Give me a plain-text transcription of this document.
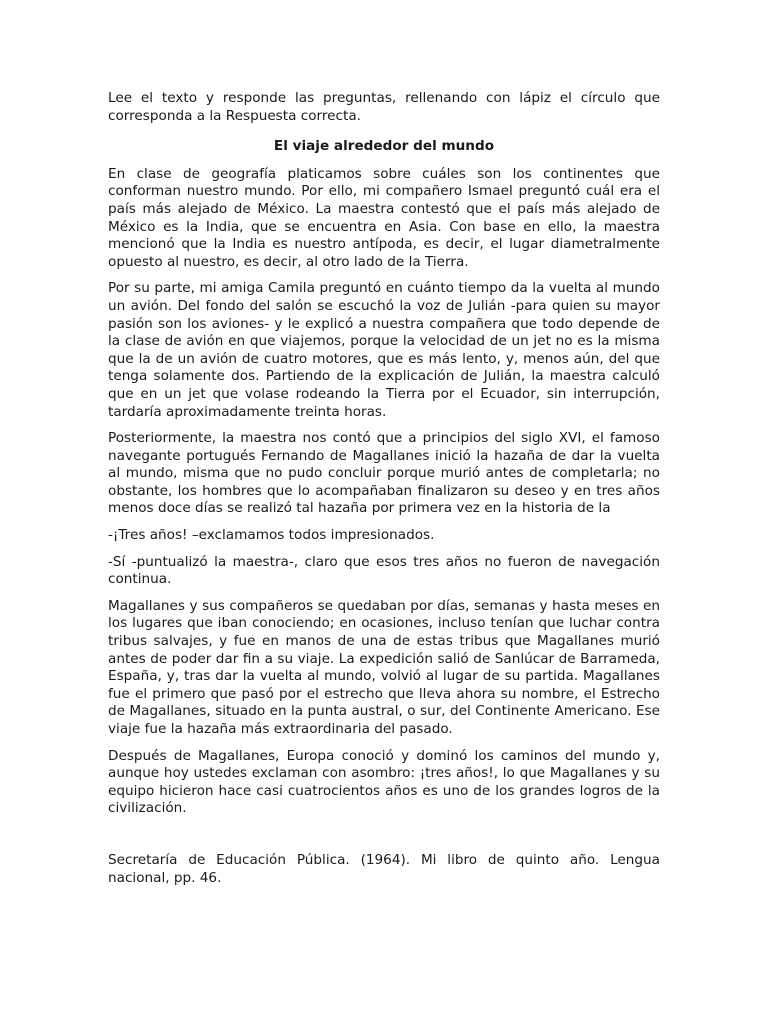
Lee el texto y responde las preguntas, rellenando con lápiz el círculo que corresponda a la Respuesta correcta.

El viaje alrededor del mundo

En clase de geografía platicamos sobre cuáles son los continentes que conforman nuestro mundo. Por ello, mi compañero Ismael preguntó cuál era el país más alejado de México. La maestra contestó que el país más alejado de México es la India, que se encuentra en Asia. Con base en ello, la maestra mencionó que la India es nuestro antípoda, es decir, el lugar diametralmente opuesto al nuestro, es decir, al otro lado de la Tierra.

Por su parte, mi amiga Camila preguntó en cuánto tiempo da la vuelta al mundo un avión. Del fondo del salón se escuchó la voz de Julián -para quien su mayor pasión son los aviones- y le explicó a nuestra compañera que todo depende de la clase de avión en que viajemos, porque la velocidad de un jet no es la misma que la de un avión de cuatro motores, que es más lento, y, menos aún, del que tenga solamente dos. Partiendo de la explicación de Julián, la maestra calculó que en un jet que volase rodeando la Tierra por el Ecuador, sin interrupción, tardaría aproximadamente treinta horas.

Posteriormente, la maestra nos contó que a principios del siglo XVI, el famoso navegante portugués Fernando de Magallanes inició la hazaña de dar la vuelta al mundo, misma que no pudo concluir porque murió antes de completarla; no obstante, los hombres que lo acompañaban finalizaron su deseo y en tres años menos doce días se realizó tal hazaña por primera vez en la historia de la

-¡Tres años! –exclamamos todos impresionados.

-Sí -puntualizó la maestra-, claro que esos tres años no fueron de navegación continua.

Magallanes y sus compañeros se quedaban por días, semanas y hasta meses en los lugares que iban conociendo; en ocasiones, incluso tenían que luchar contra tribus salvajes, y fue en manos de una de estas tribus que Magallanes murió antes de poder dar fin a su viaje. La expedición salió de Sanlúcar de Barrameda, España, y, tras dar la vuelta al mundo, volvió al lugar de su partida. Magallanes fue el primero que pasó por el estrecho que lleva ahora su nombre, el Estrecho de Magallanes, situado en la punta austral, o sur, del Continente Americano. Ese viaje fue la hazaña más extraordinaria del pasado.

Después de Magallanes, Europa conoció y dominó los caminos del mundo y, aunque hoy ustedes exclaman con asombro: ¡tres años!, lo que Magallanes y su equipo hicieron hace casi cuatrocientos años es uno de los grandes logros de la civilización.

Secretaría de Educación Pública. (1964). Mi libro de quinto año. Lengua nacional, pp. 46.
